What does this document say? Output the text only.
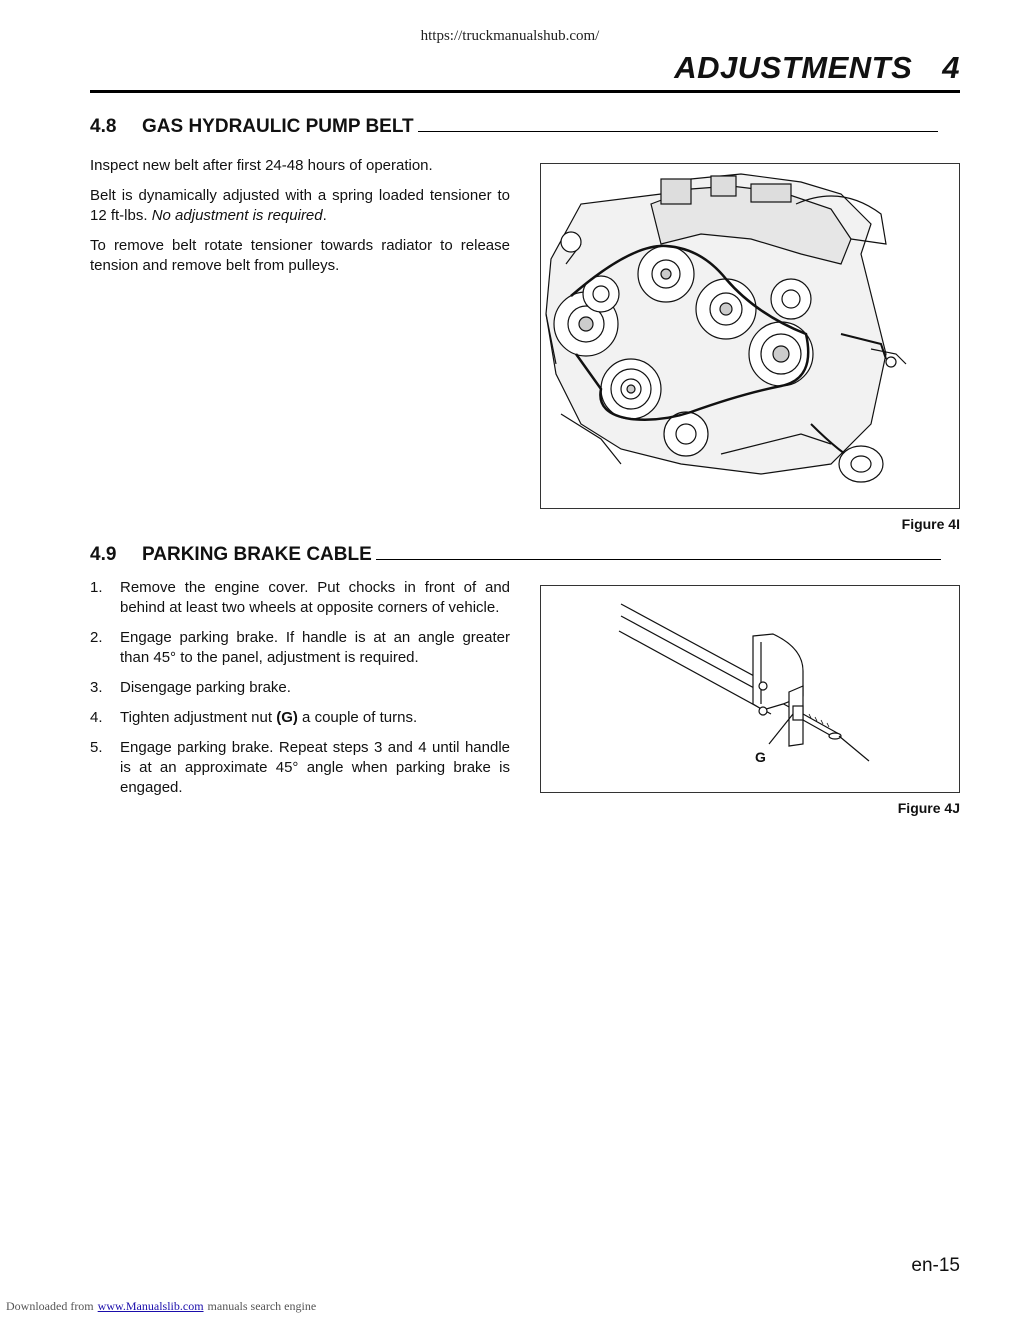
https://truckmanualshub.com/
ADJUSTMENTS 4
4.8 GAS HYDRAULIC PUMP BELT

Inspect new belt after first 24-48 hours of operation.

Belt is dynamically adjusted with a spring loaded tensioner to 12 ft-lbs. No adjustment is required.

To remove belt rotate tensioner towards radiator to release tension and remove belt from pulleys.

Figure 4I
4.9 PARKING BRAKE CABLE
1. Remove the engine cover. Put chocks in front of and behind at least two wheels at opposite corners of vehicle.
2. Engage parking brake. If handle is at an angle greater than 45° to the panel, adjustment is required.
3. Disengage parking brake.
4. Tighten adjustment nut (G) a couple of turns.
5. Engage parking brake. Repeat steps 3 and 4 until handle is at an approximate 45° angle when parking brake is engaged.
G
Figure 4J
en-15
Downloaded from www.Manualslib.com manuals search engine
